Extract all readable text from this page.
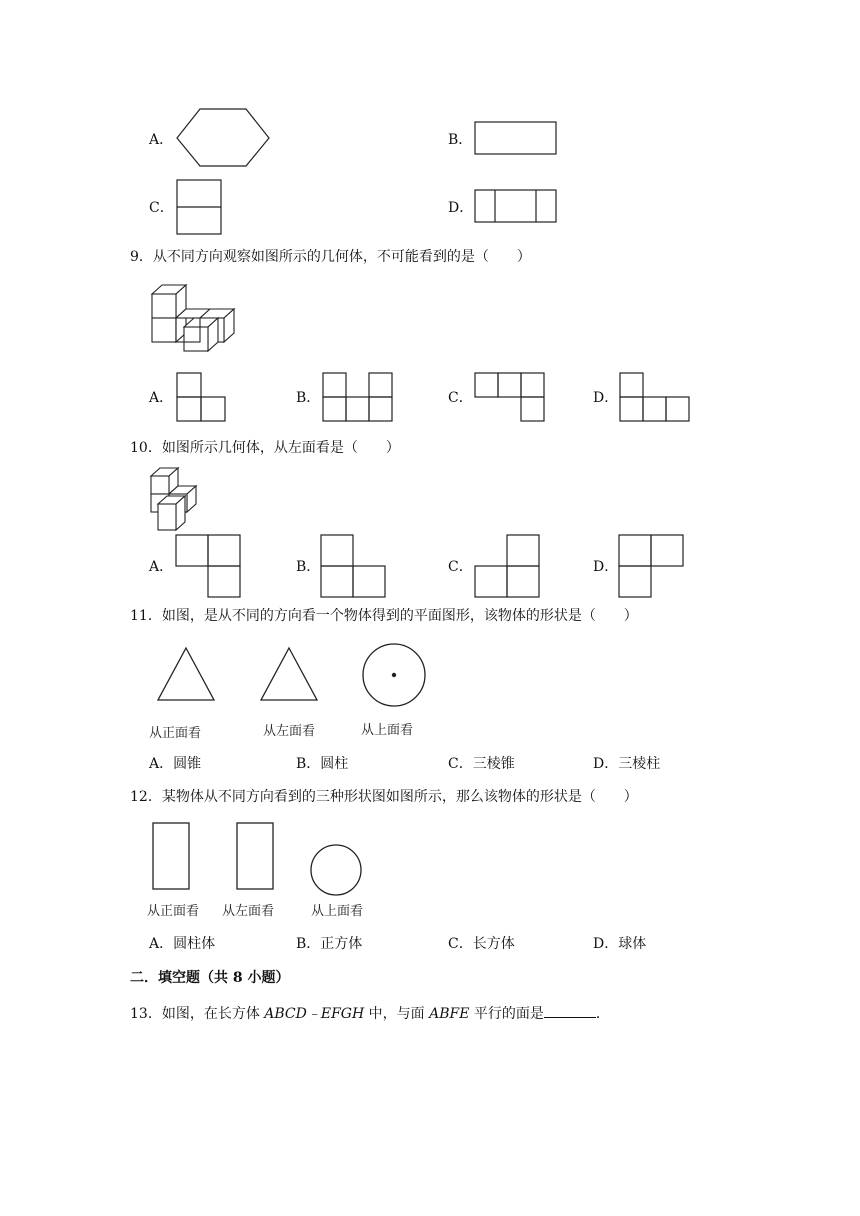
A．	B．
C．	D．
9．从不同方向观察如图所示的几何体，不可能看到的是（　　）
A．	B．	C．	D．
10．如图所示几何体，从左面看是（　　）
A．	B．	C．	D．
11．如图，是从不同的方向看一个物体得到的平面图形，该物体的形状是（　　）
从正面看	从左面看	从上面看
A．圆锥	B．圆柱	C．三棱锥	D．三棱柱
12．某物体从不同方向看到的三种形状图如图所示，那么该物体的形状是（　　）
从正面看 从左面看	从上面看
A．圆柱体	B．正方体	C．长方体	D．球体
二．填空题（共 8 小题）
13．如图，在长方体 ABCD﹣EFGH 中，与面 ABFE 平行的面是	．
